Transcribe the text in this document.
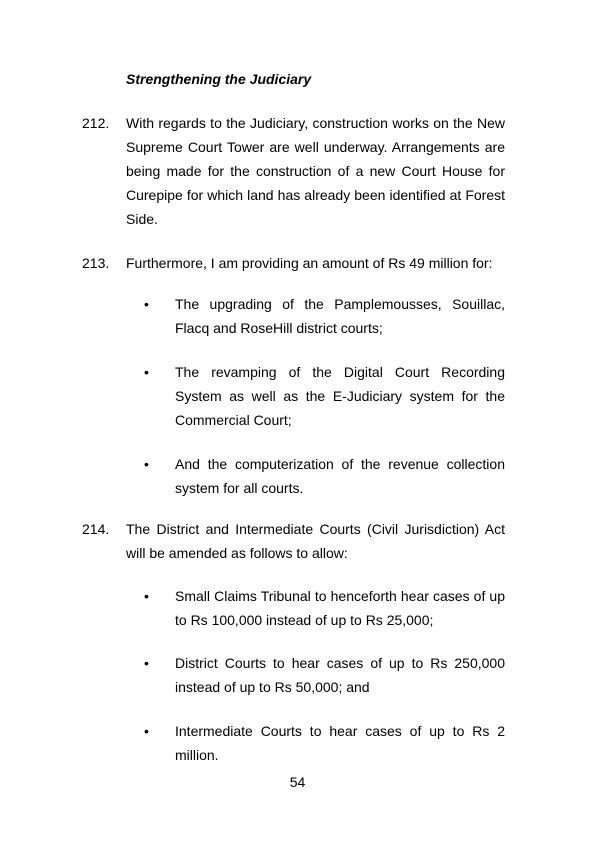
Strengthening the Judiciary
212. With regards to the Judiciary, construction works on the New Supreme Court Tower are well underway. Arrangements are being made for the construction of a new Court House for Curepipe for which land has already been identified at Forest Side.
213. Furthermore, I am providing an amount of Rs 49 million for:
• The upgrading of the Pamplemousses, Souillac, Flacq and RoseHill district courts;
• The revamping of the Digital Court Recording System as well as the E-Judiciary system for the Commercial Court;
• And the computerization of the revenue collection system for all courts.
214. The District and Intermediate Courts (Civil Jurisdiction) Act will be amended as follows to allow:
• Small Claims Tribunal to henceforth hear cases of up to Rs 100,000 instead of up to Rs 25,000;
• District Courts to hear cases of up to Rs 250,000 instead of up to Rs 50,000; and
• Intermediate Courts to hear cases of up to Rs 2 million.
54
